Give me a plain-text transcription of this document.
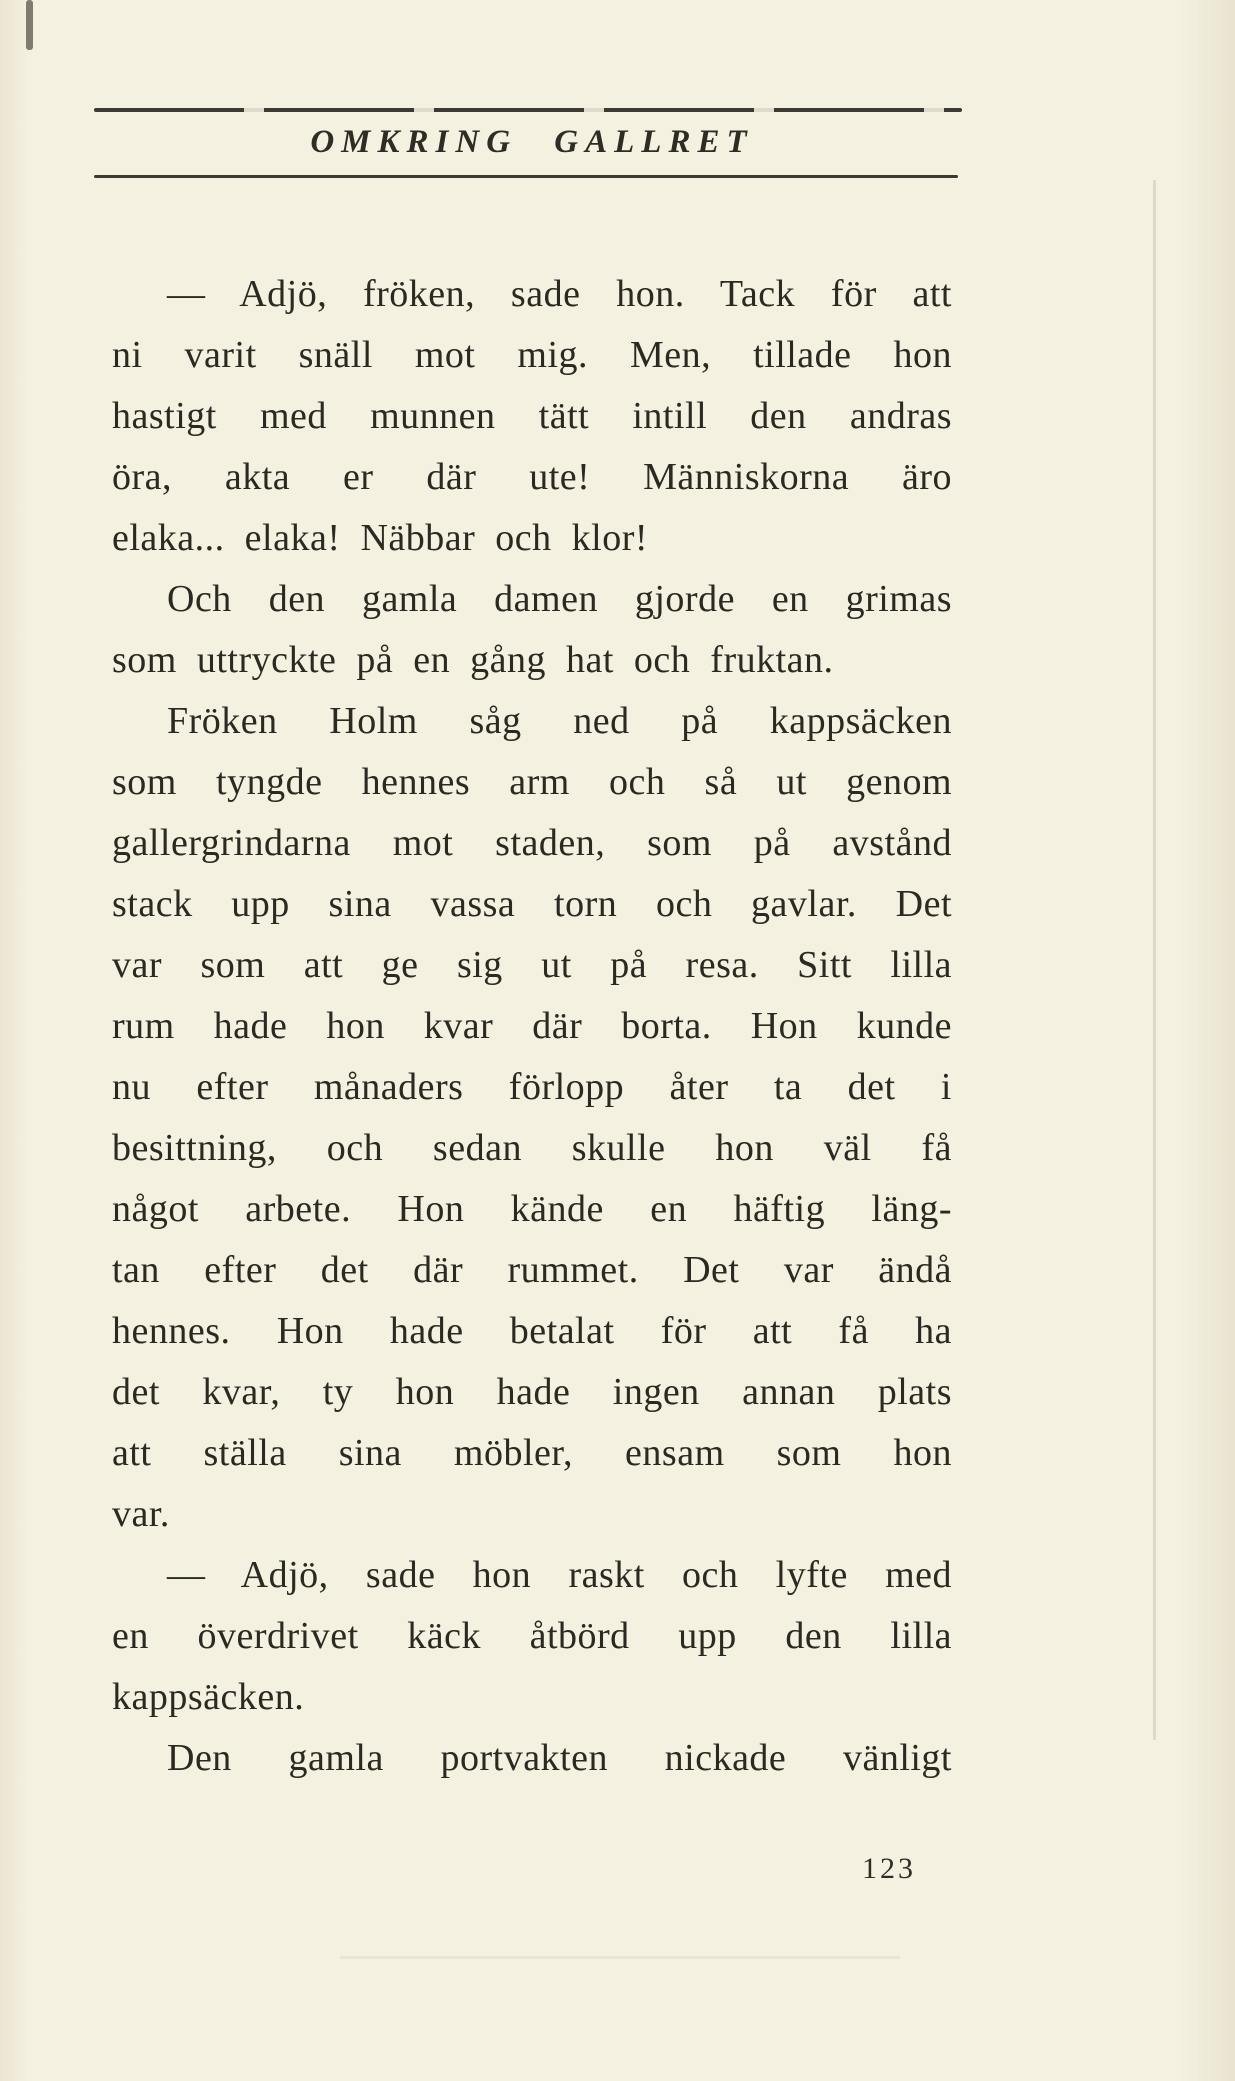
OMKRING GALLRET
— Adjö, fröken, sade hon. Tack för att
ni varit snäll mot mig. Men, tillade hon
hastigt med munnen tätt intill den andras
öra, akta er där ute! Människorna äro
elaka... elaka! Näbbar och klor!
Och den gamla damen gjorde en grimas
som uttryckte på en gång hat och fruktan.
Fröken Holm såg ned på kappsäcken
som tyngde hennes arm och så ut genom
gallergrindarna mot staden, som på avstånd
stack upp sina vassa torn och gavlar. Det
var som att ge sig ut på resa. Sitt lilla
rum hade hon kvar där borta. Hon kunde
nu efter månaders förlopp åter ta det i
besittning, och sedan skulle hon väl få
något arbete. Hon kände en häftig läng-
tan efter det där rummet. Det var ändå
hennes. Hon hade betalat för att få ha
det kvar, ty hon hade ingen annan plats
att ställa sina möbler, ensam som hon
var.
— Adjö, sade hon raskt och lyfte med
en överdrivet käck åtbörd upp den lilla
kappsäcken.
Den gamla portvakten nickade vänligt
123
